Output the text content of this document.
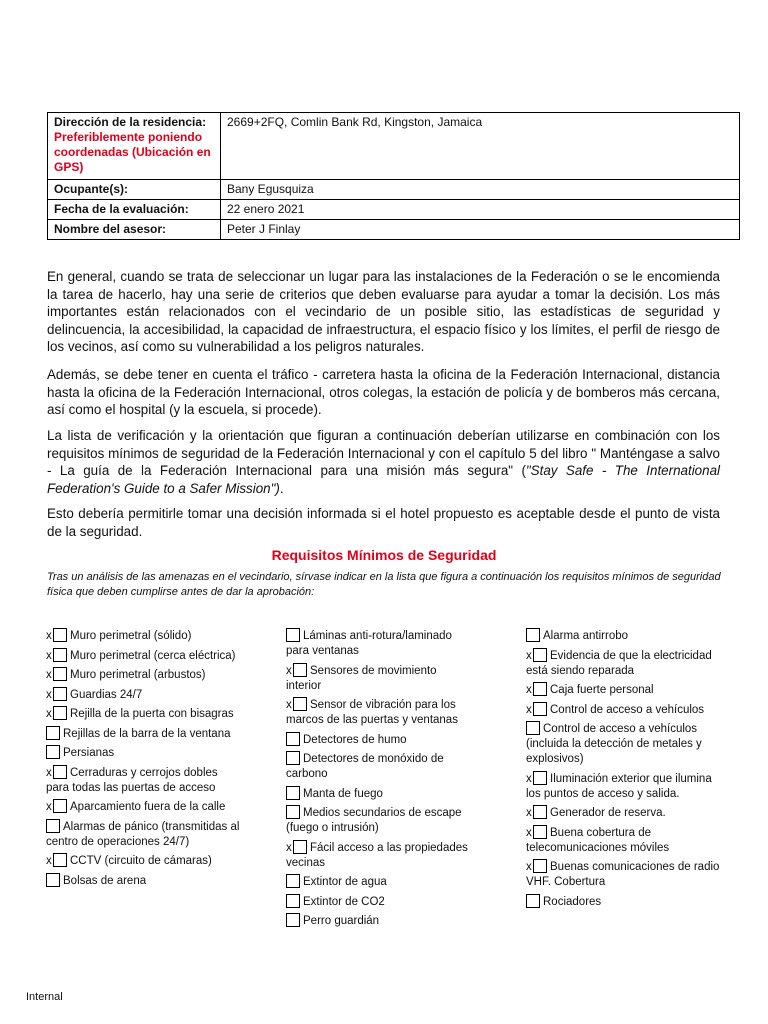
Dirección de la residencia:
Preferiblemente poniendo coordenadas (Ubicación en GPS)	2669+2FQ, Comlin Bank Rd, Kingston, Jamaica
Ocupante(s):	Bany Egusquiza
Fecha de la evaluación:	22 enero 2021
Nombre del asesor:	Peter J Finlay

En general, cuando se trata de seleccionar un lugar para las instalaciones de la Federación o se le encomienda la tarea de hacerlo, hay una serie de criterios que deben evaluarse para ayudar a tomar la decisión. Los más importantes están relacionados con el vecindario de un posible sitio, las estadísticas de seguridad y delincuencia, la accesibilidad, la capacidad de infraestructura, el espacio físico y los límites, el perfil de riesgo de los vecinos, así como su vulnerabilidad a los peligros naturales.

Además, se debe tener en cuenta el tráfico - carretera hasta la oficina de la Federación Internacional, distancia hasta la oficina de la Federación Internacional, otros colegas, la estación de policía y de bomberos más cercana, así como el hospital (y la escuela, si procede).

La lista de verificación y la orientación que figuran a continuación deberían utilizarse en combinación con los requisitos mínimos de seguridad de la Federación Internacional y con el capítulo 5 del libro " Manténgase a salvo - La guía de la Federación Internacional para una misión más segura" ("Stay Safe - The International Federation's Guide to a Safer Mission").

Esto debería permitirle tomar una decisión informada si el hotel propuesto es aceptable desde el punto de vista de la seguridad.

Requisitos Mínimos de Seguridad

Tras un análisis de las amenazas en el vecindario, sírvase indicar en la lista que figura a continuación los requisitos mínimos de seguridad física que deben cumplirse antes de dar la aprobación:

x Muro perimetral (sólido)
x Muro perimetral (cerca eléctrica)
x Muro perimetral (arbustos)
x Guardias 24/7
x Rejilla de la puerta con bisagras
Rejillas de la barra de la ventana
Persianas
x Cerraduras y cerrojos dobles para todas las puertas de acceso
x Aparcamiento fuera de la calle
Alarmas de pánico (transmitidas al centro de operaciones 24/7)
x CCTV (circuito de cámaras)
Bolsas de arena
Láminas anti-rotura/laminado para ventanas
x Sensores de movimiento interior
x Sensor de vibración para los marcos de las puertas y ventanas
Detectores de humo
Detectores de monóxido de carbono
Manta de fuego
Medios secundarios de escape (fuego o intrusión)
x Fácil acceso a las propiedades vecinas
Extintor de agua
Extintor de CO2
Perro guardián
Alarma antirrobo
x Evidencia de que la electricidad está siendo reparada
x Caja fuerte personal
x Control de acceso a vehículos
Control de acceso a vehículos (incluida la detección de metales y explosivos)
x Iluminación exterior que ilumina los puntos de acceso y salida.
x Generador de reserva.
x Buena cobertura de telecomunicaciones móviles
x Buenas comunicaciones de radio VHF. Cobertura
Rociadores
Internal
